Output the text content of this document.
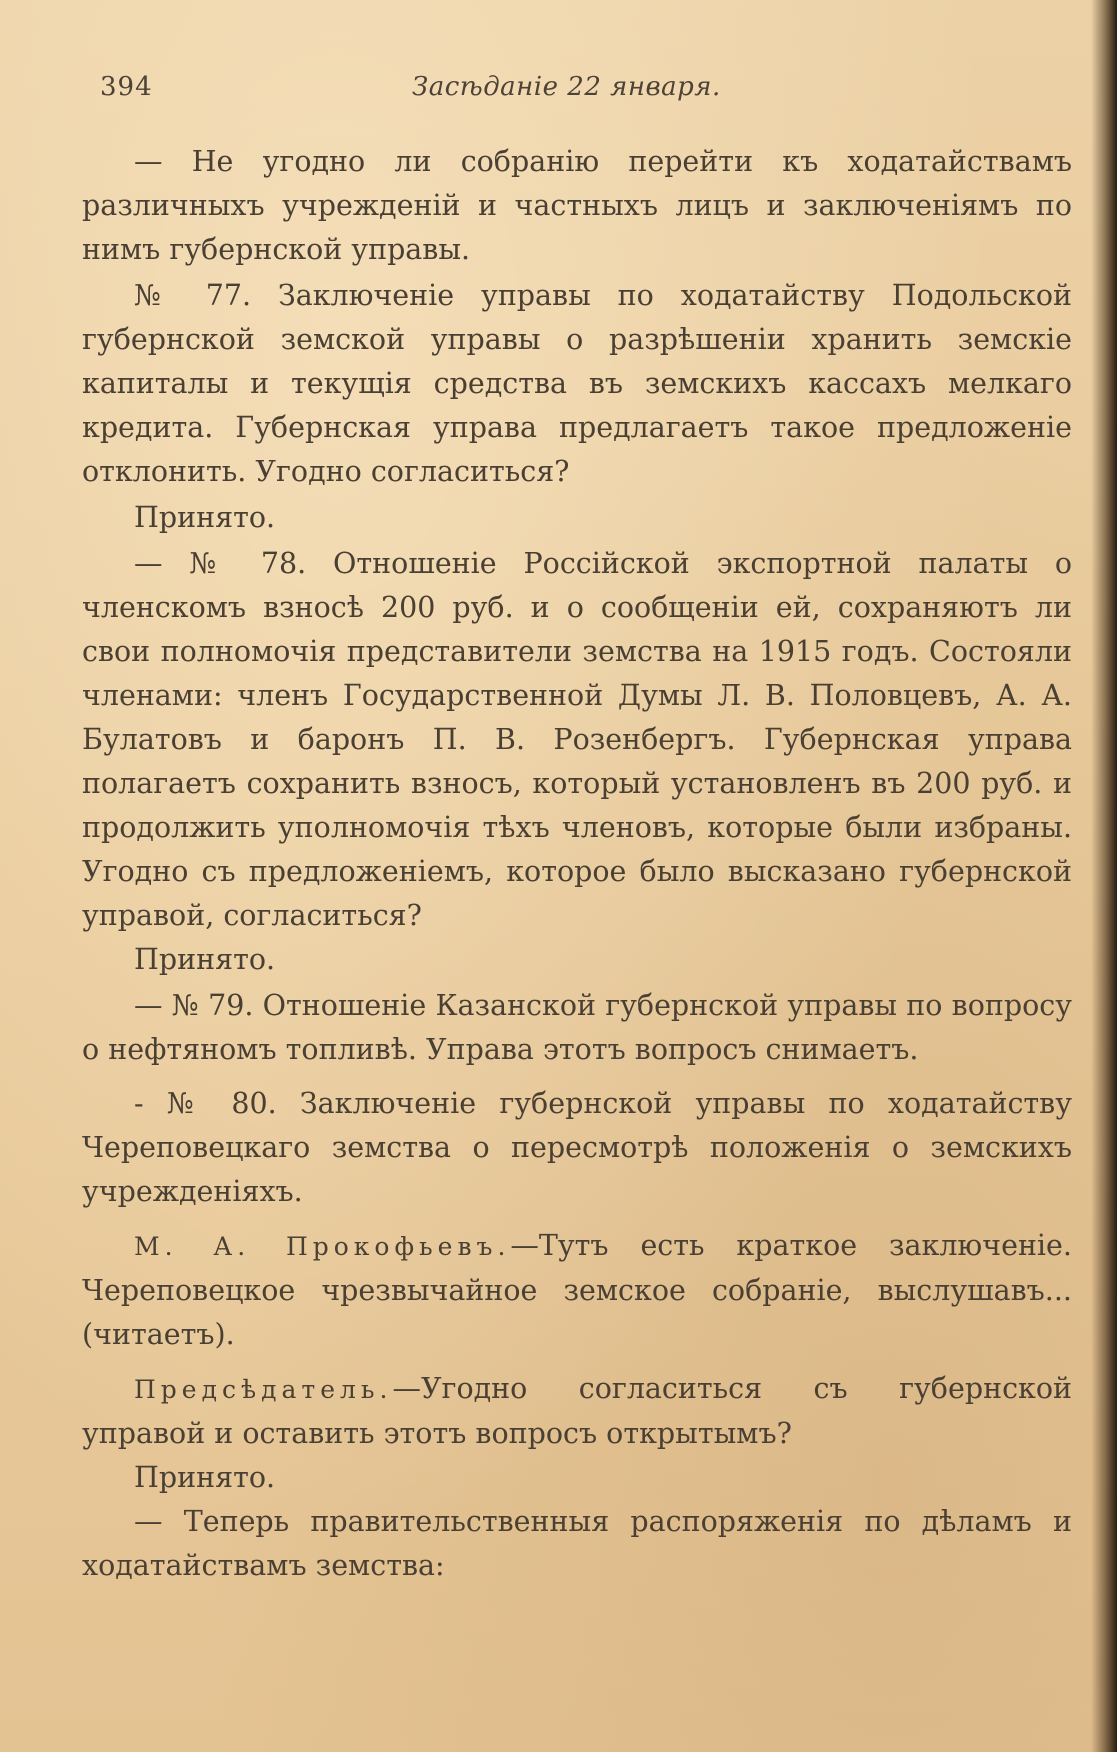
394	Засѣданіе 22 января.

— Не угодно ли собранію перейти къ ходатайствамъ различныхъ учрежденій и частныхъ лицъ и заключеніямъ по нимъ губернской управы.

№ 77. Заключеніе управы по ходатайству Подольской губернской земской управы о разрѣшеніи хранить земскіе капиталы и текущія средства въ земскихъ кассахъ мелкаго кредита. Губернская управа предлагаетъ такое предложеніе отклонить. Угодно согласиться?

Принято.

— № 78. Отношеніе Россійской экспортной палаты о членскомъ взносѣ 200 руб. и о сообщеніи ей, сохраняютъ ли свои полномочія представители земства на 1915 годъ. Состояли членами: членъ Государственной Думы Л. В. Половцевъ, А. А. Булатовъ и баронъ П. В. Розенбергъ. Губернская управа полагаетъ сохранить взносъ, который установленъ въ 200 руб. и продолжить уполномочія тѣхъ членовъ, которые были избраны. Угодно съ предложеніемъ, которое было высказано губернской управой, согласиться?

Принято.

— № 79. Отношеніе Казанской губернской управы по вопросу о нефтяномъ топливѣ. Управа этотъ вопросъ снимаетъ.

- № 80. Заключеніе губернской управы по ходатайству Череповецкаго земства о пересмотрѣ положенія о земскихъ учрежденіяхъ.

М. А. Прокофьевъ.—Тутъ есть краткое заключеніе. Череповецкое чрезвычайное земское собраніе, выслушавъ... (читаетъ).

Предсѣдатель.—Угодно согласиться съ губернской управой и оставить этотъ вопросъ открытымъ?

Принято.

— Теперь правительственныя распоряженія по дѣламъ и ходатайствамъ земства:
